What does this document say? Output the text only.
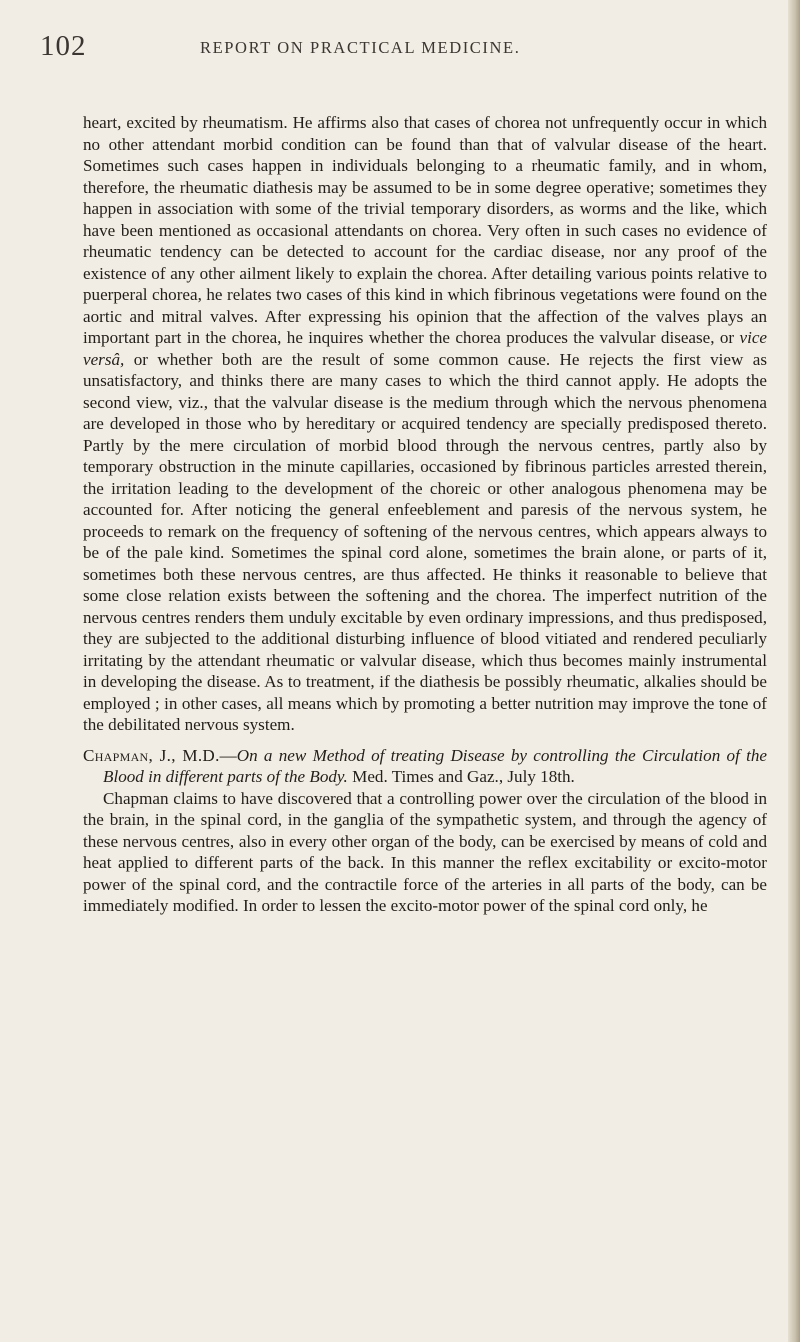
102	REPORT ON PRACTICAL MEDICINE.

heart, excited by rheumatism. He affirms also that cases of chorea not unfrequently occur in which no other attendant morbid condition can be found than that of valvular disease of the heart. Sometimes such cases happen in individuals belonging to a rheumatic family, and in whom, therefore, the rheumatic diathesis may be assumed to be in some degree operative; sometimes they happen in association with some of the trivial temporary disorders, as worms and the like, which have been mentioned as occasional attendants on chorea. Very often in such cases no evidence of rheumatic tendency can be detected to account for the cardiac disease, nor any proof of the existence of any other ailment likely to explain the chorea. After detailing various points relative to puerperal chorea, he relates two cases of this kind in which fibrinous vegetations were found on the aortic and mitral valves. After expressing his opinion that the affection of the valves plays an important part in the chorea, he inquires whether the chorea produces the valvular disease, or vice versâ, or whether both are the result of some common cause. He rejects the first view as unsatisfactory, and thinks there are many cases to which the third cannot apply. He adopts the second view, viz., that the valvular disease is the medium through which the nervous phenomena are developed in those who by hereditary or acquired tendency are specially predisposed thereto. Partly by the mere circulation of morbid blood through the nervous centres, partly also by temporary obstruction in the minute capillaries, occasioned by fibrinous particles arrested therein, the irritation leading to the development of the choreic or other analogous phenomena may be accounted for. After noticing the general enfeeblement and paresis of the nervous system, he proceeds to remark on the frequency of softening of the nervous centres, which appears always to be of the pale kind. Sometimes the spinal cord alone, sometimes the brain alone, or parts of it, sometimes both these nervous centres, are thus affected. He thinks it reasonable to believe that some close relation exists between the softening and the chorea. The imperfect nutrition of the nervous centres renders them unduly excitable by even ordinary impressions, and thus predisposed, they are subjected to the additional disturbing influence of blood vitiated and rendered peculiarly irritating by the attendant rheumatic or valvular disease, which thus becomes mainly instrumental in developing the disease. As to treatment, if the diathesis be possibly rheumatic, alkalies should be employed ; in other cases, all means which by promoting a better nutrition may improve the tone of the debilitated nervous system.

Chapman, J., M.D.—On a new Method of treating Disease by controlling the Circulation of the Blood in different parts of the Body. Med. Times and Gaz., July 18th.

Chapman claims to have discovered that a controlling power over the circulation of the blood in the brain, in the spinal cord, in the ganglia of the sympathetic system, and through the agency of these nervous centres, also in every other organ of the body, can be exercised by means of cold and heat applied to different parts of the back. In this manner the reflex excitability or excito-motor power of the spinal cord, and the contractile force of the arteries in all parts of the body, can be immediately modified. In order to lessen the excito-motor power of the spinal cord only, he
